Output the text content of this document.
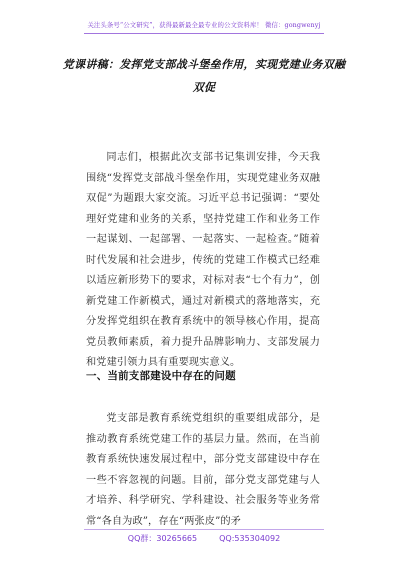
关注头条号“公文研究”，获得最新最全最专业的公文资料库！ 微信：gongwenyj
党课讲稿：发挥党支部战斗堡垒作用，实现党建业务双融双促
同志们，根据此次支部书记集训安排，今天我围绕“发挥党支部战斗堡垒作用，实现党建业务双融双促”为题跟大家交流。习近平总书记强调：“要处理好党建和业务的关系，坚持党建工作和业务工作一起谋划、一起部署、一起落实、一起检查。”随着时代发展和社会进步，传统的党建工作模式已经难以适应新形势下的要求，对标对表“七个有力”，创新党建工作新模式，通过对新模式的落地落实，充分发挥党组织在教育系统中的领导核心作用，提高党员教师素质，着力提升品牌影响力、支部发展力和党建引领力具有重要现实意义。
一、当前支部建设中存在的问题
党支部是教育系统党组织的重要组成部分，是推动教育系统党建工作的基层力量。然而，在当前教育系统快速发展过程中，部分党支部建设中存在一些不容忽视的问题。目前，部分党支部党建与人才培养、科学研究、学科建设、社会服务等业务常常“各自为政”，存在“两张皮”的矛
QQ群：30265665	QQ:535304092
